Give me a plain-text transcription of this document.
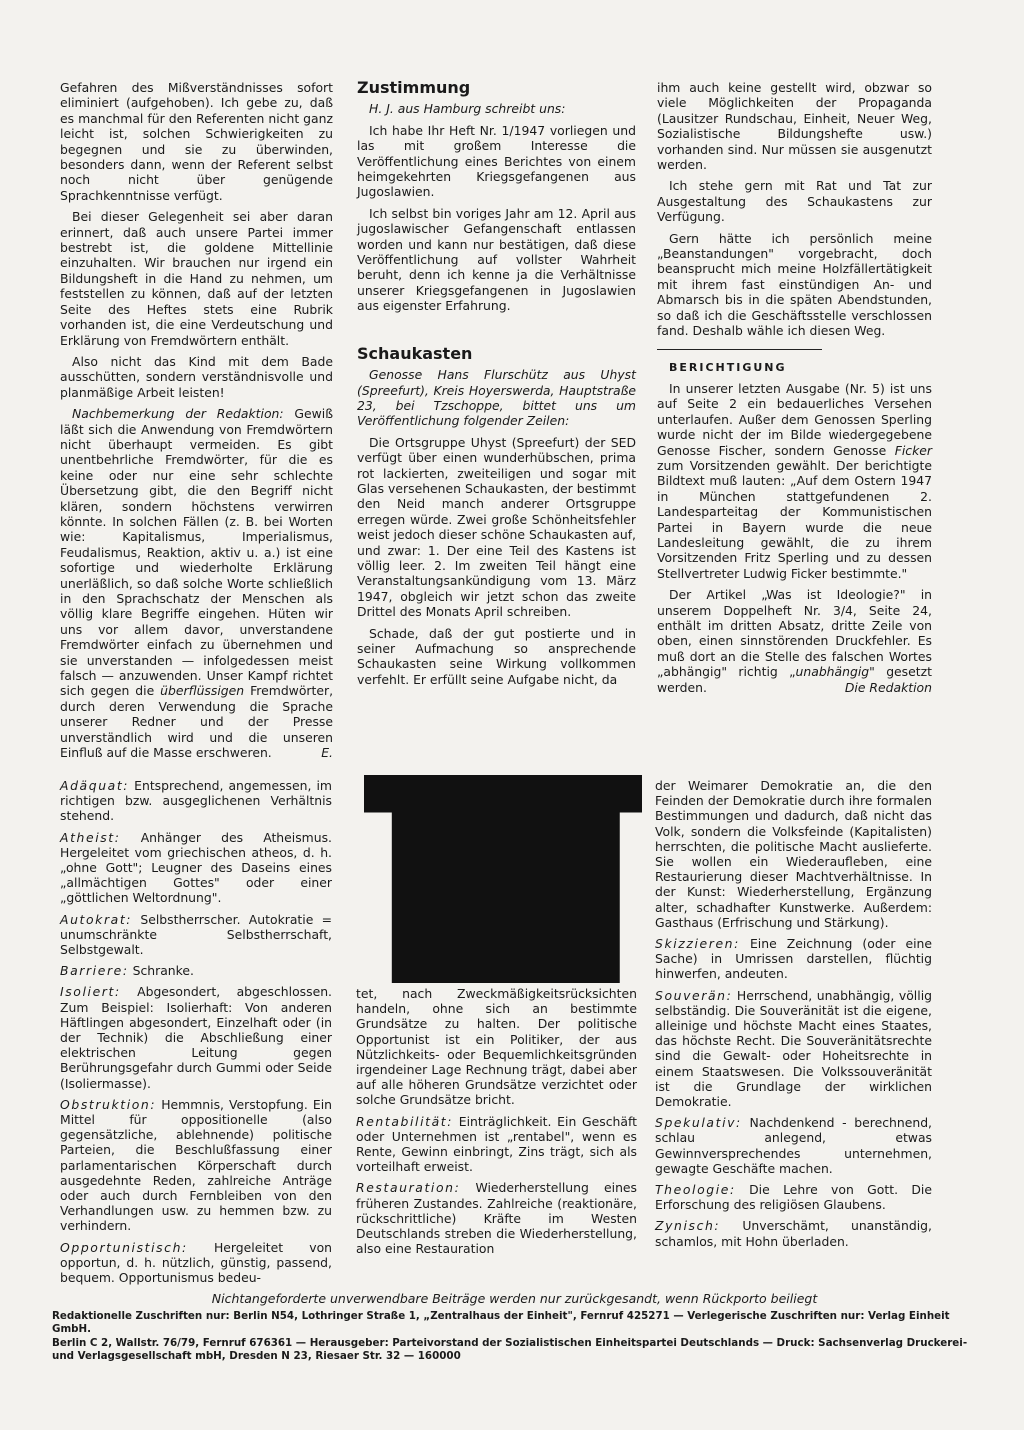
Gefahren des Mißverständnisses sofort eliminiert (aufgehoben). Ich gebe zu, daß es manchmal für den Referenten nicht ganz leicht ist, solchen Schwierigkeiten zu begegnen und sie zu überwinden, besonders dann, wenn der Referent selbst noch nicht über genügende Sprachkenntnisse verfügt.

Bei dieser Gelegenheit sei aber daran erinnert, daß auch unsere Partei immer bestrebt ist, die goldene Mittellinie einzuhalten. Wir brauchen nur irgend ein Bildungsheft in die Hand zu nehmen, um feststellen zu können, daß auf der letzten Seite des Heftes stets eine Rubrik vorhanden ist, die eine Verdeutschung und Erklärung von Fremdwörtern enthält.

Also nicht das Kind mit dem Bade ausschütten, sondern verständnisvolle und planmäßige Arbeit leisten!

Nachbemerkung der Redaktion: Gewiß läßt sich die Anwendung von Fremdwörtern nicht überhaupt vermeiden. Es gibt unentbehrliche Fremdwörter, für die es keine oder nur eine sehr schlechte Übersetzung gibt, die den Begriff nicht klären, sondern höchstens verwirren könnte. In solchen Fällen (z. B. bei Worten wie: Kapitalismus, Imperialismus, Feudalismus, Reaktion, aktiv u. a.) ist eine sofortige und wiederholte Erklärung unerläßlich, so daß solche Worte schließlich in den Sprachschatz der Menschen als völlig klare Begriffe eingehen. Hüten wir uns vor allem davor, unverstandene Fremdwörter einfach zu übernehmen und sie unverstanden — infolgedessen meist falsch — anzuwenden. Unser Kampf richtet sich gegen die überflüssigen Fremdwörter, durch deren Verwendung die Sprache unserer Redner und der Presse unverständlich wird und die unseren Einfluß auf die Masse erschweren.	E.

Zustimmung

H. J. aus Hamburg schreibt uns:

Ich habe Ihr Heft Nr. 1/1947 vorliegen und las mit großem Interesse die Veröffentlichung eines Berichtes von einem heimgekehrten Kriegsgefangenen aus Jugoslawien.

Ich selbst bin voriges Jahr am 12. April aus jugoslawischer Gefangenschaft entlassen worden und kann nur bestätigen, daß diese Veröffentlichung auf vollster Wahrheit beruht, denn ich kenne ja die Verhältnisse unserer Kriegsgefangenen in Jugoslawien aus eigenster Erfahrung.

Schaukasten

Genosse Hans Flurschütz aus Uhyst (Spreefurt), Kreis Hoyerswerda, Hauptstraße 23, bei Tzschoppe, bittet uns um Veröffentlichung folgender Zeilen:

Die Ortsgruppe Uhyst (Spreefurt) der SED verfügt über einen wunderhübschen, prima rot lackierten, zweiteiligen und sogar mit Glas versehenen Schaukasten, der bestimmt den Neid manch anderer Ortsgruppe erregen würde. Zwei große Schönheitsfehler weist jedoch dieser schöne Schaukasten auf, und zwar: 1. Der eine Teil des Kastens ist völlig leer. 2. Im zweiten Teil hängt eine Veranstaltungsankündigung vom 13. März 1947, obgleich wir jetzt schon das zweite Drittel des Monats April schreiben.

Schade, daß der gut postierte und in seiner Aufmachung so ansprechende Schaukasten seine Wirkung vollkommen verfehlt. Er erfüllt seine Aufgabe nicht, da

ihm auch keine gestellt wird, obzwar so viele Möglichkeiten der Propaganda (Lausitzer Rundschau, Einheit, Neuer Weg, Sozialistische Bildungshefte usw.) vorhanden sind. Nur müssen sie ausgenutzt werden.

Ich stehe gern mit Rat und Tat zur Ausgestaltung des Schaukastens zur Verfügung.

Gern hätte ich persönlich meine „Beanstandungen" vorgebracht, doch beansprucht mich meine Holzfällertätigkeit mit ihrem fast einstündigen An- und Abmarsch bis in die späten Abendstunden, so daß ich die Geschäftsstelle verschlossen fand. Deshalb wähle ich diesen Weg.

BERICHTIGUNG

In unserer letzten Ausgabe (Nr. 5) ist uns auf Seite 2 ein bedauerliches Versehen unterlaufen. Außer dem Genossen Sperling wurde nicht der im Bilde wiedergegebene Genosse Fischer, sondern Genosse Ficker zum Vorsitzenden gewählt. Der berichtigte Bildtext muß lauten: „Auf dem Ostern 1947 in München stattgefundenen 2. Landesparteitag der Kommunistischen Partei in Bayern wurde die neue Landesleitung gewählt, die zu ihrem Vorsitzenden Fritz Sperling und zu dessen Stellvertreter Ludwig Ficker bestimmte."

Der Artikel „Was ist Ideologie?" in unserem Doppelheft Nr. 3/4, Seite 24, enthält im dritten Absatz, dritte Zeile von oben, einen sinnstörenden Druckfehler. Es muß dort an die Stelle des falschen Wortes „abhängig" richtig „unabhängig" gesetzt werden.	Die Redaktion

Adäquat: Entsprechend, angemessen, im richtigen bzw. ausgeglichenen Verhältnis stehend.

Atheist: Anhänger des Atheismus. Hergeleitet vom griechischen atheos, d. h. „ohne Gott"; Leugner des Daseins eines „allmächtigen Gottes" oder einer „göttlichen Weltordnung".

Autokrat: Selbstherrscher. Autokratie = unumschränkte Selbstherrschaft, Selbstgewalt.

Barriere: Schranke.

Isoliert: Abgesondert, abgeschlossen. Zum Beispiel: Isolierhaft: Von anderen Häftlingen abgesondert, Einzelhaft oder (in der Technik) die Abschließung einer elektrischen Leitung gegen Berührungsgefahr durch Gummi oder Seide (Isoliermasse).

Obstruktion: Hemmnis, Verstopfung. Ein Mittel für oppositionelle (also gegensätzliche, ablehnende) politische Parteien, die Beschlußfassung einer parlamentarischen Körperschaft durch ausgedehnte Reden, zahlreiche Anträge oder auch durch Fernbleiben von den Verhandlungen usw. zu hemmen bzw. zu verhindern.

Opportunistisch: Hergeleitet von opportun, d. h. nützlich, günstig, passend, bequem. Opportunismus bedeu-

tet, nach Zweckmäßigkeitsrücksichten handeln, ohne sich an bestimmte Grundsätze zu halten. Der politische Opportunist ist ein Politiker, der aus Nützlichkeits- oder Bequemlichkeitsgründen irgendeiner Lage Rechnung trägt, dabei aber auf alle höheren Grundsätze verzichtet oder solche Grundsätze bricht.

Rentabilität: Einträglichkeit. Ein Geschäft oder Unternehmen ist „rentabel", wenn es Rente, Gewinn einbringt, Zins trägt, sich als vorteilhaft erweist.

Restauration: Wiederherstellung eines früheren Zustandes. Zahlreiche (reaktionäre, rückschrittliche) Kräfte im Westen Deutschlands streben die Wiederherstellung, also eine Restauration

der Weimarer Demokratie an, die den Feinden der Demokratie durch ihre formalen Bestimmungen und dadurch, daß nicht das Volk, sondern die Volksfeinde (Kapitalisten) herrschten, die politische Macht auslieferte. Sie wollen ein Wiederaufleben, eine Restaurierung dieser Machtverhältnisse. In der Kunst: Wiederherstellung, Ergänzung alter, schadhafter Kunstwerke. Außerdem: Gasthaus (Erfrischung und Stärkung).

Skizzieren: Eine Zeichnung (oder eine Sache) in Umrissen darstellen, flüchtig hinwerfen, andeuten.

Souverän: Herrschend, unabhängig, völlig selbständig. Die Souveränität ist die eigene, alleinige und höchste Macht eines Staates, das höchste Recht. Die Souveränitätsrechte sind die Gewalt- oder Hoheitsrechte in einem Staatswesen. Die Volkssouveränität ist die Grundlage der wirklichen Demokratie.

Spekulativ: Nachdenkend - berechnend, schlau anlegend, etwas Gewinnversprechendes unternehmen, gewagte Geschäfte machen.

Theologie: Die Lehre von Gott. Die Erforschung des religiösen Glaubens.

Zynisch: Unverschämt, unanständig, schamlos, mit Hohn überladen.

Nichtangeforderte unverwendbare Beiträge werden nur zurückgesandt, wenn Rückporto beiliegt
Redaktionelle Zuschriften nur: Berlin N54, Lothringer Straße 1, „Zentralhaus der Einheit", Fernruf 425271 — Verlegerische Zuschriften nur: Verlag Einheit GmbH.
Berlin C 2, Wallstr. 76/79, Fernruf 676361 — Herausgeber: Parteivorstand der Sozialistischen Einheitspartei Deutschlands — Druck: Sachsenverlag Druckerei-
und Verlagsgesellschaft mbH, Dresden N 23, Riesaer Str. 32 — 160000
